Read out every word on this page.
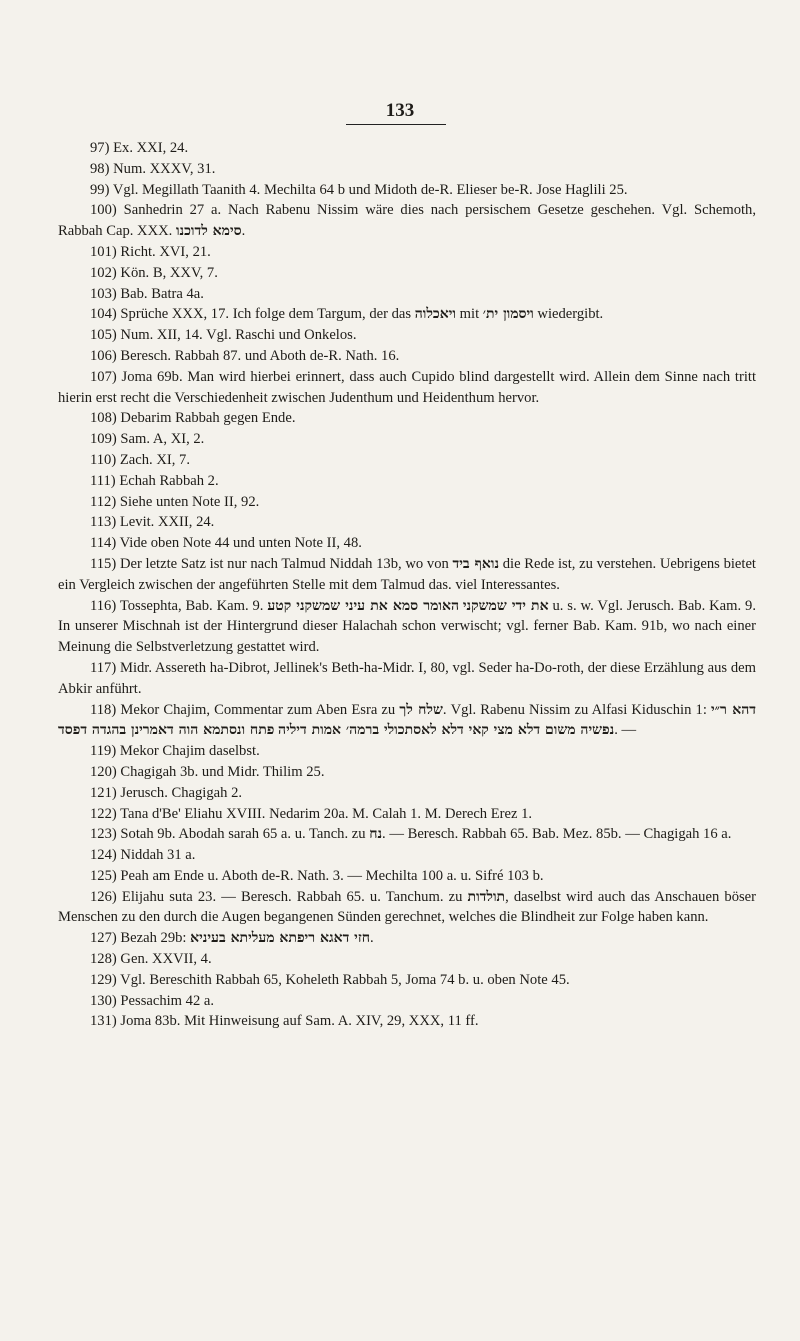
133

97) Ex. XXI, 24.

98) Num. XXXV, 31.

99) Vgl. Megillath Taanith 4. Mechilta 64 b und Midoth de-R. Elieser be-R. Jose Haglili 25.

100) Sanhedrin 27 a. Nach Rabenu Nissim wäre dies nach persischem Gesetze geschehen. Vgl. Schemoth, Rabbah Cap. XXX. סימא לדוכנו.

101) Richt. XVI, 21.

102) Kön. B, XXV, 7.

103) Bab. Batra 4a.

104) Sprüche XXX, 17. Ich folge dem Targum, der das ויאכלוה mit ויסמון ית׳ wiedergibt.

105) Num. XII, 14. Vgl. Raschi und Onkelos.

106) Beresch. Rabbah 87. und Aboth de-R. Nath. 16.

107) Joma 69b. Man wird hierbei erinnert, dass auch Cupido blind dargestellt wird. Allein dem Sinne nach tritt hierin erst recht die Verschiedenheit zwischen Judenthum und Heidenthum hervor.

108) Debarim Rabbah gegen Ende.

109) Sam. A, XI, 2.

110) Zach. XI, 7.

111) Echah Rabbah 2.

112) Siehe unten Note II, 92.

113) Levit. XXII, 24.

114) Vide oben Note 44 und unten Note II, 48.

115) Der letzte Satz ist nur nach Talmud Niddah 13b, wo von נואף ביד die Rede ist, zu verstehen. Uebrigens bietet ein Vergleich zwischen der angeführten Stelle mit dem Talmud das. viel Interessantes.

116) Tossephta, Bab. Kam. 9. האומר סמא את עיני שמשקני קטע את ידי שמשקני u. s. w. Vgl. Jerusch. Bab. Kam. 9. In unserer Mischnah ist der Hintergrund dieser Halachah schon verwischt; vgl. ferner Bab. Kam. 91b, wo nach einer Meinung die Selbstverletzung gestattet wird.

117) Midr. Assereth ha-Dibrot, Jellinek's Beth-ha-Midr. I, 80, vgl. Seder ha-Do-roth, der diese Erzählung aus dem Abkir anführt.

118) Mekor Chajim, Commentar zum Aben Esra zu שלח לך. Vgl. Rabenu Nissim zu Alfasi Kiduschin 1: דהא ר״י פתח ונסתמא הוה דאמרינן בהגדה דפסד נפשיה משום דלא מצי קאי דלא לאסתכולי ברמה׳ אמות דיליה. —

119) Mekor Chajim daselbst.

120) Chagigah 3b. und Midr. Thilim 25.

121) Jerusch. Chagigah 2.

122) Tana d'Be' Eliahu XVIII. Nedarim 20a. M. Calah 1. M. Derech Erez 1.

123) Sotah 9b. Abodah sarah 65 a. u. Tanch. zu נח. — Beresch. Rabbah 65. Bab. Mez. 85b. — Chagigah 16 a.

124) Niddah 31 a.

125) Peah am Ende u. Aboth de-R. Nath. 3. — Mechilta 100 a. u. Sifré 103 b.

126) Elijahu suta 23. — Beresch. Rabbah 65. u. Tanchum. zu תולדות, daselbst wird auch das Anschauen böser Menschen zu den durch die Augen begangenen Sünden gerechnet, welches die Blindheit zur Folge haben kann.

127) Bezah 29b: חזי דאגא ריפתא מעליתא בעיניא.

128) Gen. XXVII, 4.

129) Vgl. Bereschith Rabbah 65, Koheleth Rabbah 5, Joma 74 b. u. oben Note 45.

130) Pessachim 42 a.

131) Joma 83b. Mit Hinweisung auf Sam. A. XIV, 29, XXX, 11 ff.
